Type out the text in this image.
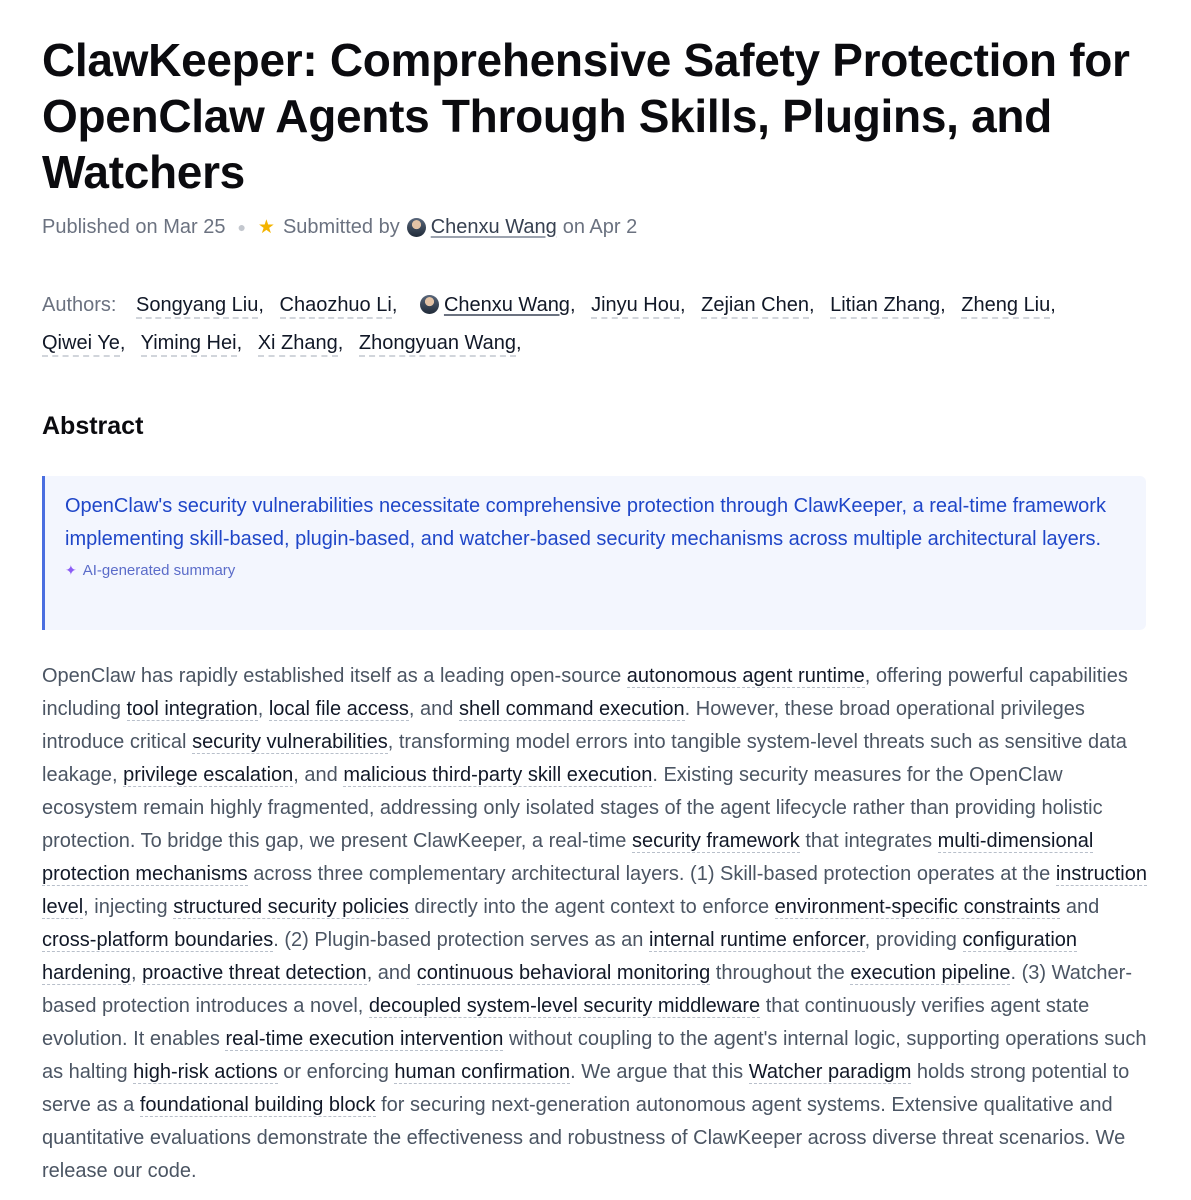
ClawKeeper: Comprehensive Safety Protection for OpenClaw Agents Through Skills, Plugins, and Watchers
Published on Mar 25 ● ★ Submitted by Chenxu Wang on Apr 2
Authors: Songyang Liu, Chaozhuo Li, Chenxu Wang, Jinyu Hou, Zejian Chen, Litian Zhang, Zheng Liu, Qiwei Ye, Yiming Hei, Xi Zhang, Zhongyuan Wang,
Abstract

OpenClaw's security vulnerabilities necessitate comprehensive protection through ClawKeeper, a real-time framework implementing skill-based, plugin-based, and watcher-based security mechanisms across multiple architectural layers.

✦ AI-generated summary

OpenClaw has rapidly established itself as a leading open-source autonomous agent runtime, offering powerful capabilities including tool integration, local file access, and shell command execution. However, these broad operational privileges introduce critical security vulnerabilities, transforming model errors into tangible system-level threats such as sensitive data leakage, privilege escalation, and malicious third-party skill execution. Existing security measures for the OpenClaw ecosystem remain highly fragmented, addressing only isolated stages of the agent lifecycle rather than providing holistic protection. To bridge this gap, we present ClawKeeper, a real-time security framework that integrates multi-dimensional protection mechanisms across three complementary architectural layers. (1) Skill-based protection operates at the instruction level, injecting structured security policies directly into the agent context to enforce environment-specific constraints and cross-platform boundaries. (2) Plugin-based protection serves as an internal runtime enforcer, providing configuration hardening, proactive threat detection, and continuous behavioral monitoring throughout the execution pipeline. (3) Watcher-based protection introduces a novel, decoupled system-level security middleware that continuously verifies agent state evolution. It enables real-time execution intervention without coupling to the agent's internal logic, supporting operations such as halting high-risk actions or enforcing human confirmation. We argue that this Watcher paradigm holds strong potential to serve as a foundational building block for securing next-generation autonomous agent systems. Extensive qualitative and quantitative evaluations demonstrate the effectiveness and robustness of ClawKeeper across diverse threat scenarios. We release our code.
